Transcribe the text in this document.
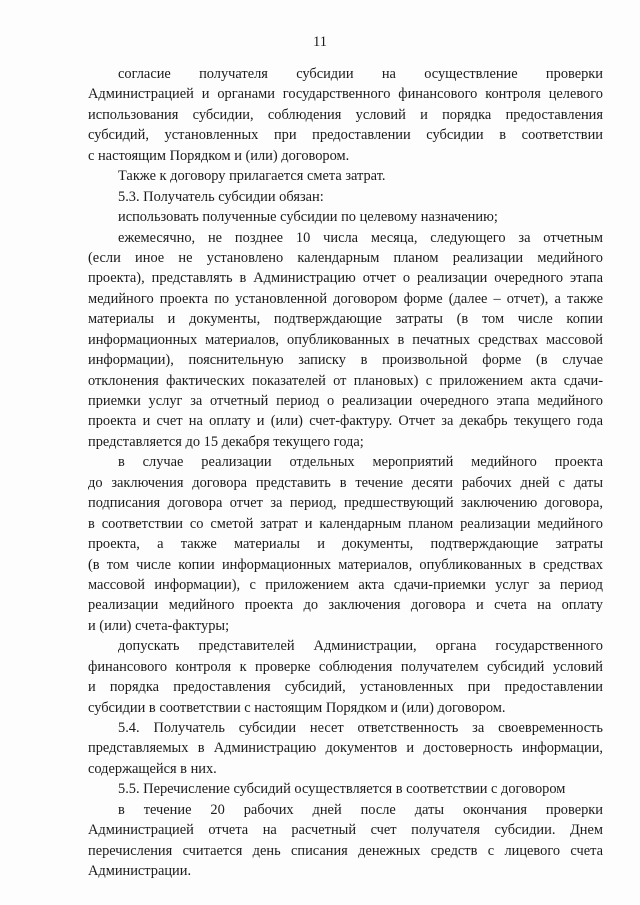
11
согласие получателя субсидии на осуществление проверки
Администрацией и органами государственного финансового контроля целевого
использования субсидии, соблюдения условий и порядка предоставления
субсидий, установленных при предоставлении субсидии в соответствии
с настоящим Порядком и (или) договором.
Также к договору прилагается смета затрат.
5.3. Получатель субсидии обязан:
использовать полученные субсидии по целевому назначению;
ежемесячно, не позднее 10 числа месяца, следующего за отчетным
(если иное не установлено календарным планом реализации медийного
проекта), представлять в Администрацию отчет о реализации очередного этапа
медийного проекта по установленной договором форме (далее – отчет), а также
материалы и документы, подтверждающие затраты (в том числе копии
информационных материалов, опубликованных в печатных средствах массовой
информации), пояснительную записку в произвольной форме (в случае
отклонения фактических показателей от плановых) с приложением акта сдачи-
приемки услуг за отчетный период о реализации очередного этапа медийного
проекта и счет на оплату и (или) счет-фактуру. Отчет за декабрь текущего года
представляется до 15 декабря текущего года;
в случае реализации отдельных мероприятий медийного проекта
до заключения договора представить в течение десяти рабочих дней с даты
подписания договора отчет за период, предшествующий заключению договора,
в соответствии со сметой затрат и календарным планом реализации медийного
проекта, а также материалы и документы, подтверждающие затраты
(в том числе копии информационных материалов, опубликованных в средствах
массовой информации), с приложением акта сдачи-приемки услуг за период
реализации медийного проекта до заключения договора и счета на оплату
и (или) счета-фактуры;
допускать представителей Администрации, органа государственного
финансового контроля к проверке соблюдения получателем субсидий условий
и порядка предоставления субсидий, установленных при предоставлении
субсидии в соответствии с настоящим Порядком и (или) договором.
5.4. Получатель субсидии несет ответственность за своевременность
представляемых в Администрацию документов и достоверность информации,
содержащейся в них.
5.5. Перечисление субсидий осуществляется в соответствии с договором
в течение 20 рабочих дней после даты окончания проверки
Администрацией отчета на расчетный счет получателя субсидии. Днем
перечисления считается день списания денежных средств с лицевого счета
Администрации.
